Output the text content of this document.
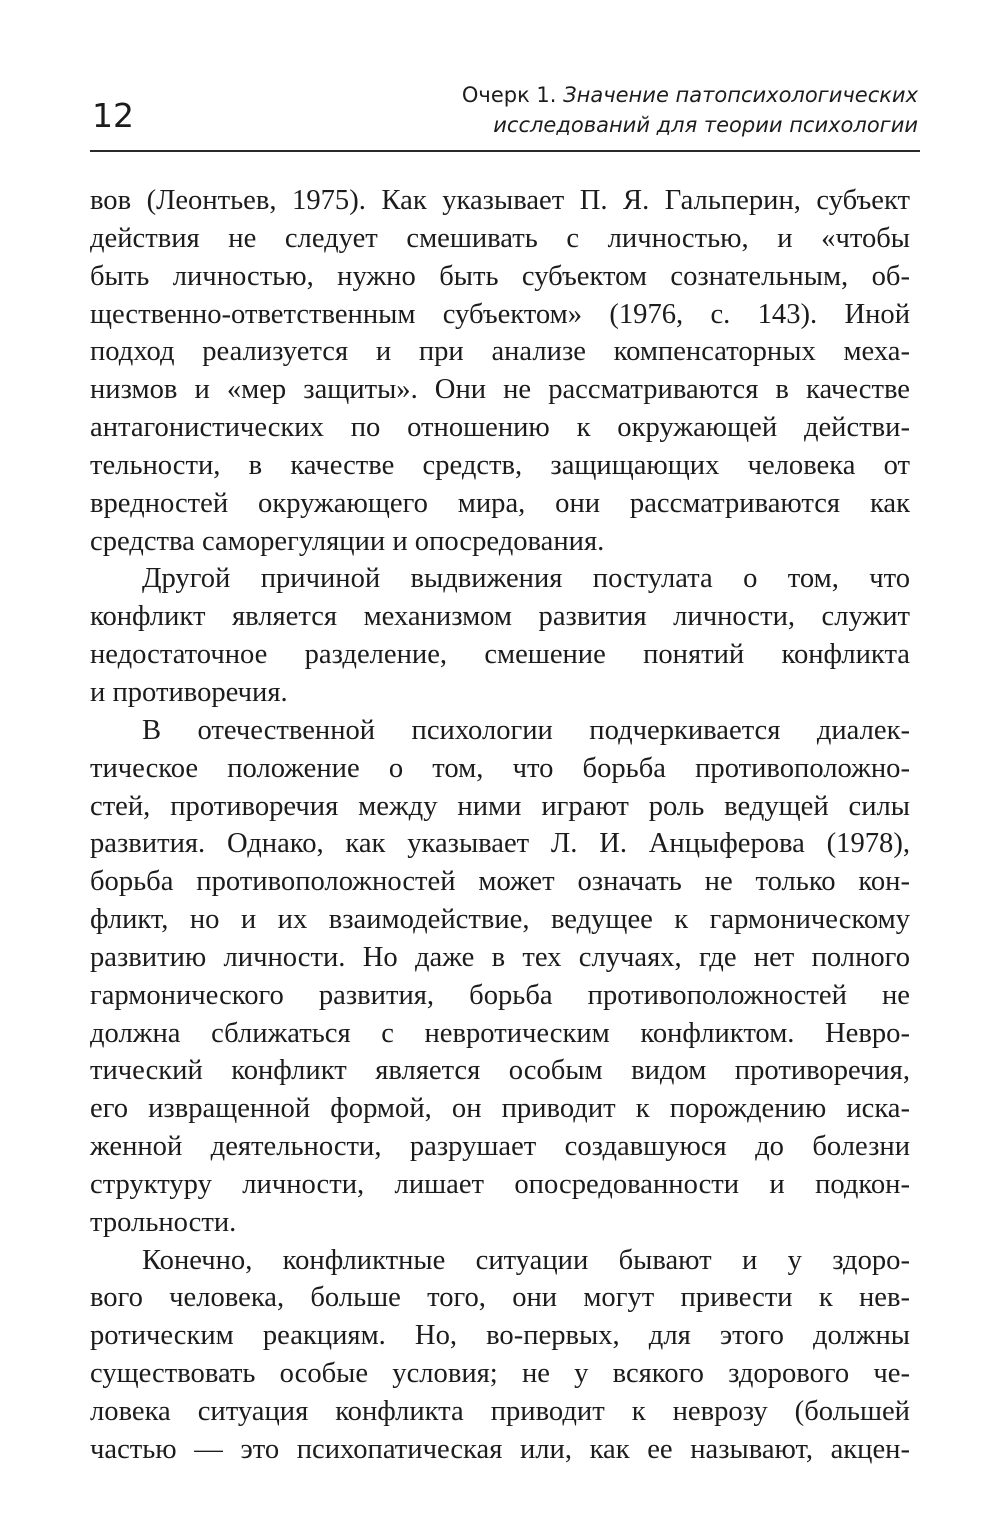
12
Очерк 1. Значение патопсихологических
исследований для теории психологии

вов (Леонтьев, 1975). Как указывает П. Я. Гальперин, субъект
действия не следует смешивать с личностью, и «чтобы
быть личностью, нужно быть субъектом сознательным, об-
щественно-ответственным субъектом» (1976, с. 143). Иной
подход реализуется и при анализе компенсаторных меха-
низмов и «мер защиты». Они не рассматриваются в качестве
антагонистических по отношению к окружающей действи-
тельности, в качестве средств, защищающих человека от
вредностей окружающего мира, они рассматриваются как
средства саморегуляции и опосредования.

Другой причиной выдвижения постулата о том, что
конфликт является механизмом развития личности, служит
недостаточное разделение, смешение понятий конфликта
и противоречия.

В отечественной психологии подчеркивается диалек-
тическое положение о том, что борьба противоположно-
стей, противоречия между ними играют роль ведущей силы
развития. Однако, как указывает Л. И. Анцыферова (1978),
борьба противоположностей может означать не только кон-
фликт, но и их взаимодействие, ведущее к гармоническому
развитию личности. Но даже в тех случаях, где нет полного
гармонического развития, борьба противоположностей не
должна сближаться с невротическим конфликтом. Невро-
тический конфликт является особым видом противоречия,
его извращенной формой, он приводит к порождению иска-
женной деятельности, разрушает создавшуюся до болезни
структуру личности, лишает опосредованности и подкон-
трольности.

Конечно, конфликтные ситуации бывают и у здоро-
вого человека, больше того, они могут привести к нев-
ротическим реакциям. Но, во-первых, для этого должны
существовать особые условия; не у всякого здорового че-
ловека ситуация конфликта приводит к неврозу (большей
частью — это психопатическая или, как ее называют, акцен-
